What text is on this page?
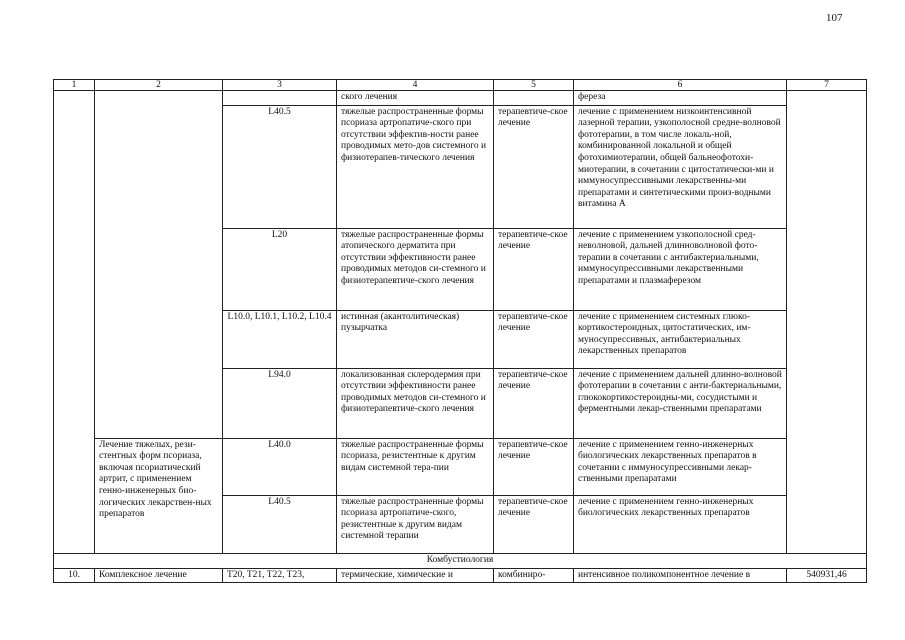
107
1	2	3	4	5	6	7
			ского лечения		фереза	
		L40.5	тяжелые распространенные формы псориаза артропатиче-ского при отсутствии эффектив-ности ранее проводимых мето-дов системного и физиотерапев-тического лечения	терапевтиче-ское лечение	лечение с применением низкоинтенсивной лазерной терапии, узкополосной средне-волновой фототерапии, в том числе локаль-ной, комбинированной локальной и общей фотохимиотерапии, общей бальнеофотохи-миотерапии, в сочетании с цитостатически-ми и иммуносупрессивными лекарственны-ми препаратами и синтетическими произ-водными витамина А	
		L20	тяжелые распространенные формы атопического дерматита при отсутствии эффективности ранее проводимых методов си-стемного и физиотерапевтиче-ского лечения	терапевтиче-ское лечение	лечение с применением узкополосной сред-неволновой, дальней длинноволновой фото-терапии в сочетании с антибактериальными, иммуносупрессивными лекарственными препаратами и плазмаферезом	
		L10.0, L10.1, L10.2, L10.4	истинная (акантолитическая) пузырчатка	терапевтиче-ское лечение	лечение с применением системных глюко-кортикостероидных, цитостатических, им-муносупрессивных, антибактериальных лекарственных препаратов	
		L94.0	локализованная склеродермия при отсутствии эффективности ранее проводимых методов си-стемного и физиотерапевтиче-ского лечения	терапевтиче-ское лечение	лечение с применением дальней длинно-волновой фототерапии в сочетании с анти-бактериальными, глюкокортикостероидны-ми, сосудистыми и ферментными лекар-ственными препаратами	
	Лечение тяжелых, рези-стентных форм псориаза, включая псориатический артрит, с применением генно-инженерных био-логических лекарствен-ных препаратов	L40.0	тяжелые распространенные формы псориаза, резистентные к другим видам системной тера-пии	терапевтиче-ское лечение	лечение с применением генно-инженерных биологических лекарственных препаратов в сочетании с иммуносупрессивными лекар-ственными препаратами	
		L40.5	тяжелые распространенные формы псориаза артропатиче-ского, резистентные к другим видам системной терапии	терапевтиче-ское лечение	лечение с применением генно-инженерных биологических лекарственных препаратов	
Комбустиология						
10.	Комплексное лечение	T20, T21, T22, T23,	термические, химические и	комбиниро-	интенсивное поликомпонентное лечение в	540931,46
